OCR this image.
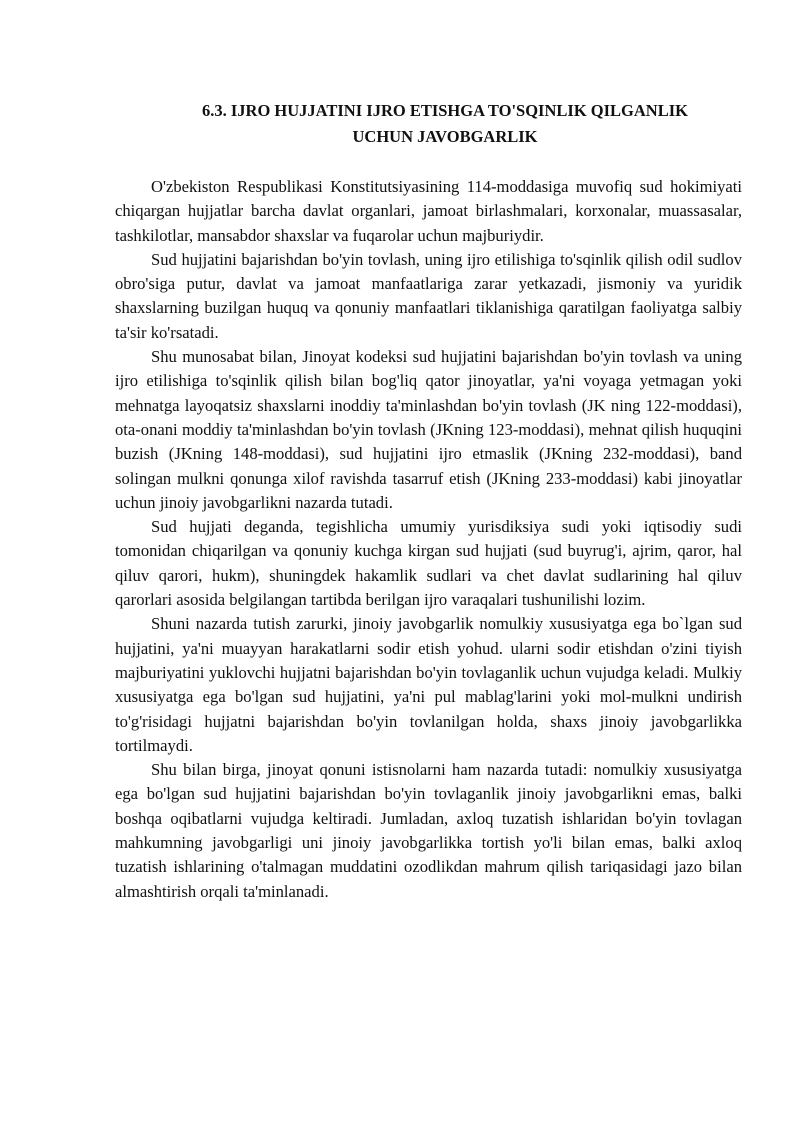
6.3. IJRO HUJJATINI IJRO ETISHGA TO'SQINLIK QILGANLIK
UCHUN JAVOBGARLIK

O'zbekiston Respublikasi Konstitutsiyasining 114-moddasiga muvofiq sud hokimiyati chiqargan hujjatlar barcha davlat organlari, jamoat birlashmalari, korxonalar, muassasalar, tashkilotlar, mansabdor shaxslar va fuqarolar uchun majburiydir.

Sud hujjatini bajarishdan bo'yin tovlash, uning ijro etilishiga to'sqinlik qilish odil sudlov obro'siga putur, davlat va jamoat manfaatlariga zarar yetkazadi, jismoniy va yuridik shaxslarning buzilgan huquq va qonuniy manfaatlari tiklanishiga qaratilgan faoliyatga salbiy ta'sir ko'rsatadi.

Shu munosabat bilan, Jinoyat kodeksi sud hujjatini bajarishdan bo'yin tovlash va uning ijro etilishiga to'sqinlik qilish bilan bog'liq qator jinoyatlar, ya'ni voyaga yetmagan yoki mehnatga layoqatsiz shaxslarni inoddiy ta'minlashdan bo'yin tovlash (JK ning 122-moddasi), ota-onani moddiy ta'minlashdan bo'yin tovlash (JKning 123-moddasi), mehnat qilish huquqini buzish (JKning 148-moddasi), sud hujjatini ijro etmaslik (JKning 232-moddasi), band solingan mulkni qonunga xilof ravishda tasarruf etish (JKning 233-moddasi) kabi jinoyatlar uchun jinoiy javobgarlikni nazarda tutadi.

Sud hujjati deganda, tegishlicha umumiy yurisdiksiya sudi yoki iqtisodiy sudi tomonidan chiqarilgan va qonuniy kuchga kirgan sud hujjati (sud buyrug'i, ajrim, qaror, hal qiluv qarori, hukm), shuningdek hakamlik sudlari va chet davlat sudlarining hal qiluv qarorlari asosida belgilangan tartibda berilgan ijro varaqalari tushunilishi lozim.

Shuni nazarda tutish zarurki, jinoiy javobgarlik nomulkiy xususiyatga ega bo`lgan sud hujjatini, ya'ni muayyan harakatlarni sodir etish yohud. ularni sodir etishdan o'zini tiyish majburiyatini yuklovchi hujjatni bajarishdan bo'yin tovlaganlik uchun vujudga keladi. Mulkiy xususiyatga ega bo'lgan sud hujjatini, ya'ni pul mablag'larini yoki mol-mulkni undirish to'g'risidagi hujjatni bajarishdan bo'yin tovlanilgan holda, shaxs jinoiy javobgarlikka tortilmaydi.

Shu bilan birga, jinoyat qonuni istisnolarni ham nazarda tutadi: nomulkiy xususiyatga ega bo'lgan sud hujjatini bajarishdan bo'yin tovlaganlik jinoiy javobgarlikni emas, balki boshqa oqibatlarni vujudga keltiradi. Jumladan, axloq tuzatish ishlaridan bo'yin tovlagan mahkumning javobgarligi uni jinoiy javobgarlikka tortish yo'li bilan emas, balki axloq tuzatish ishlarining o'talmagan muddatini ozodlikdan mahrum qilish tariqasidagi jazo bilan almashtirish orqali ta'minlanadi.
